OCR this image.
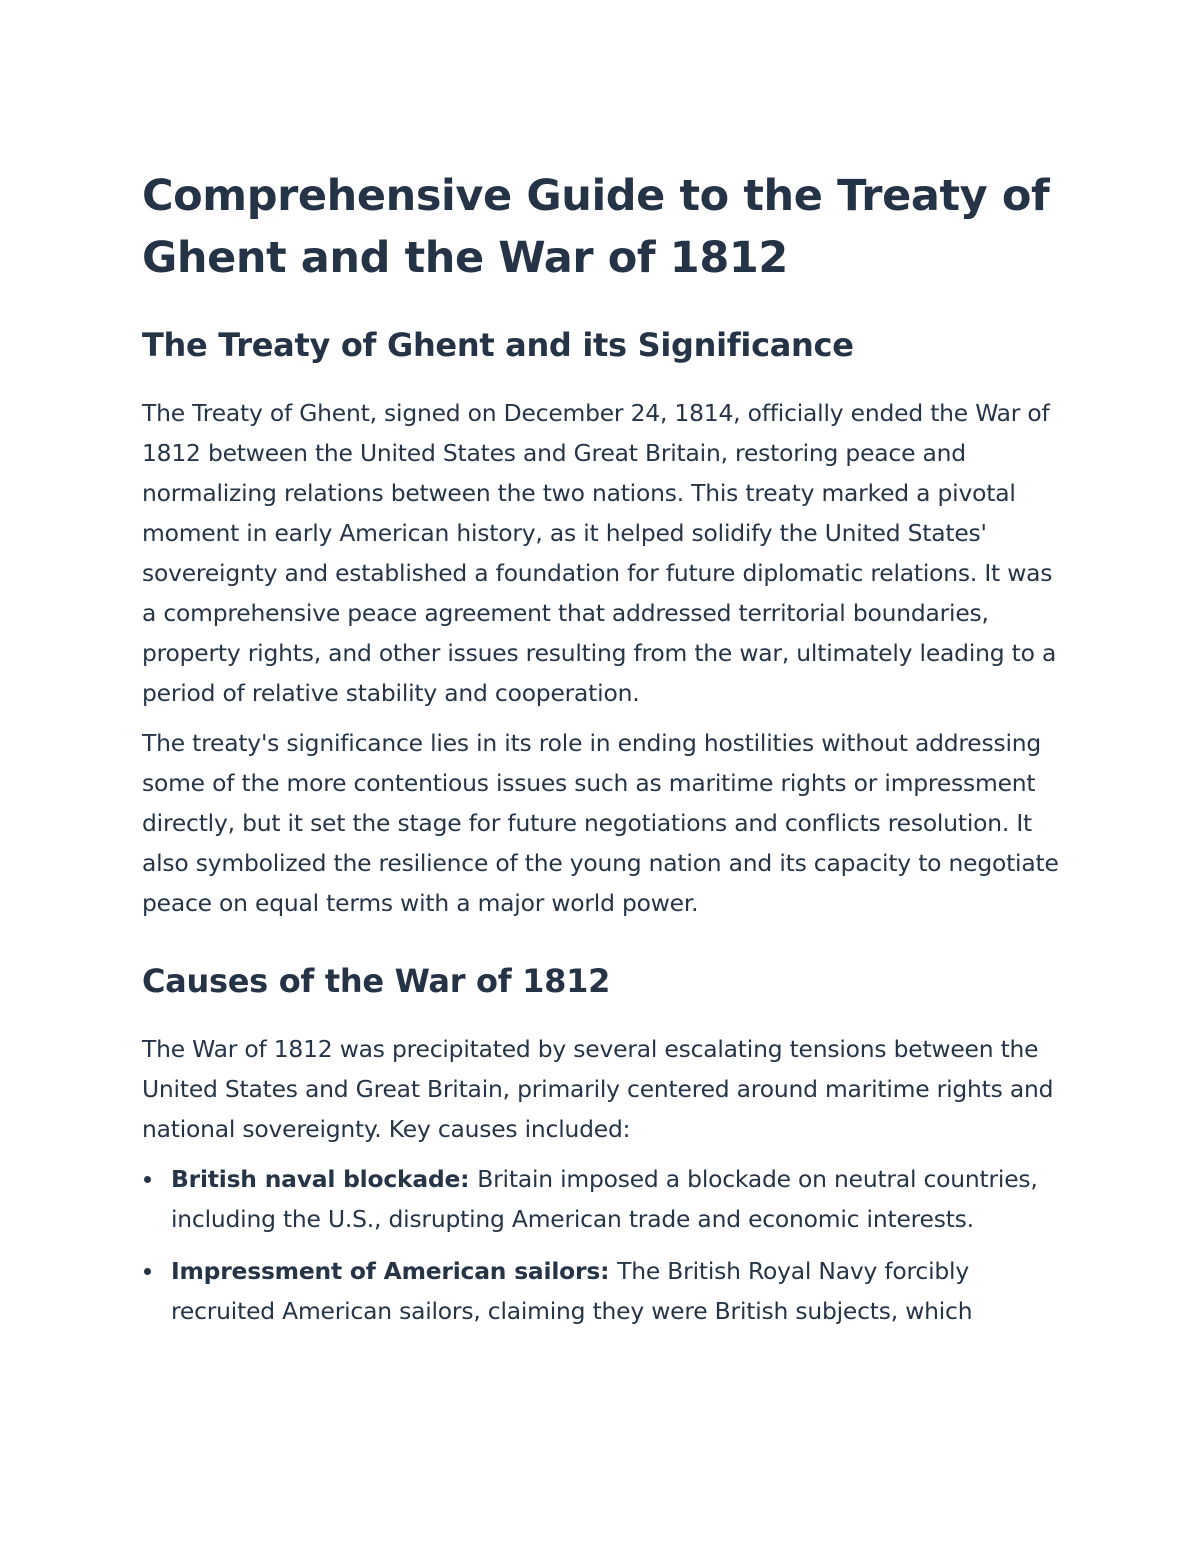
Comprehensive Guide to the Treaty of Ghent and the War of 1812
The Treaty of Ghent and its Significance

The Treaty of Ghent, signed on December 24, 1814, officially ended the War of 1812 between the United States and Great Britain, restoring peace and normalizing relations between the two nations. This treaty marked a pivotal moment in early American history, as it helped solidify the United States' sovereignty and established a foundation for future diplomatic relations. It was a comprehensive peace agreement that addressed territorial boundaries, property rights, and other issues resulting from the war, ultimately leading to a period of relative stability and cooperation.

The treaty's significance lies in its role in ending hostilities without addressing some of the more contentious issues such as maritime rights or impressment directly, but it set the stage for future negotiations and conflicts resolution. It also symbolized the resilience of the young nation and its capacity to negotiate peace on equal terms with a major world power.

Causes of the War of 1812

The War of 1812 was precipitated by several escalating tensions between the United States and Great Britain, primarily centered around maritime rights and national sovereignty. Key causes included:

British naval blockade: Britain imposed a blockade on neutral countries, including the U.S., disrupting American trade and economic interests.
Impressment of American sailors: The British Royal Navy forcibly recruited American sailors, claiming they were British subjects, which
